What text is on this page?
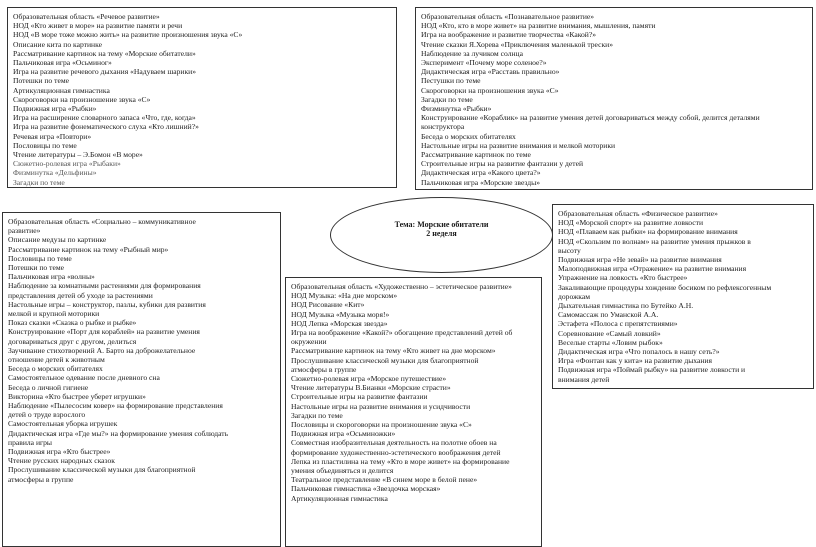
Образовательная область «Речевое развитие»
НОД «Кто живет в море» на развитие памяти и речи
НОД «В море тоже можно жить» на развитие произношения звука «С»
Описание кита по картинке
Рассматривание картинок на тему «Морские обитатели»
Пальчиковая игра «Осьминог»
Игра на развитие речевого дыхания «Надуваем шарики»
Потешки по теме
Артикуляционная гимнастика
Скороговорки на произношение звука «С»
Подвижная игра «Рыбки»
Игра на расширение словарного запаса «Что, где, когда»
Игра на развитие фонематического слуха «Кто лишний?»
Речевая игра «Повтори»
Пословицы по теме
Чтение литературы – Э.Бомон «В море»
Сюжетно-ролевая игра «Рыбаки»
Физминутка «Дельфины»
Загадки по теме
Образовательная область «Познавательное развитие»
НОД «Кто, кто в море живет» на развитие внимания, мышления, памяти
Игра на воображение и развитие творчества «Какой?»
Чтение сказки Я.Хорева «Приключения маленькой трески»
Наблюдение за лучиком солнца
Эксперимент «Почему море соленое?»
Дидактическая игра «Расставь правильно»
Пестушки по теме
Скороговорки на произношения звука «С»
Загадки по теме
Физминутка «Рыбки»
Конструирование «Кораблик» на развитие умения детей договариваться между собой, делится деталями
конструктора
Беседа о морских обитателях
Настольные игры на развитие внимания и мелкой моторики
Рассматривание картинок по теме
Строительные игры на развитие фантазии у детей
Дидактическая игра «Какого цвета?»
Пальчиковая игра «Морские звезды»
Образовательная область «Социально – коммуникативное
развитие»
Описание медузы по картинке
Рассматривание картинок на тему «Рыбный мир»
Пословицы по теме
Потешки по теме
Пальчиковая игра «волны»
Наблюдение за комнатными растениями для формирования
представления детей об уходе за растениями
Настольные игры – конструктор, пазлы, кубики для развития
мелкой и крупной моторики
Показ сказки «Сказка о рыбке и рыбке»
Конструирование «Порт для кораблей» на развитие умения
договариваться друг с другом, делиться
Заучивание стихотворений А. Барто на доброжелательное
отношение детей к животным
Беседа о морских обитателях
Самостоятельное одевание после дневного сна
Беседа о личной гигиене
Викторина «Кто быстрее уберет игрушки»
Наблюдение «Пылесосим ковер» на формирование представления
детей о труде взрослого
Самостоятельная уборка игрушек
Дидактическая игра «Где мы?» на формирование умения соблюдать
правила игры
Подвижная игра «Кто быстрее»
Чтение русских народных сказок
Прослушивание классической музыки для благоприятной
атмосферы в группе
Тема: Морские обитатели
2 неделя
Образовательная область «Художественно – эстетическое развитие»
НОД Музыка: «На дне морском»
НОД Рисование «Кит»
НОД Музыка «Музыка моря!»
НОД Лепка «Морская звезда»
Игра на воображение «Какой?» обогащение представлений детей об
окружении
Рассматривание картинок на тему «Кто живет на дне морском»
Прослушивание классической музыки для благоприятной
атмосферы в группе
Сюжетно-ролевая игра «Морское путешествие»
Чтение литературы В.Бианки «Морские страсти»
Строительные игры на развитие фантазии
Настольные игры на развитие внимания и усидчивости
Загадки по теме
Пословицы и скороговорки на произношение звука «С»
Подвижная игра «Осьминожки»
Совместная изобразительная деятельность на полотне обоев на
формирование художественно-эстетического воображения детей
Лепка из пластилина на тему «Кто в море живет» на формирование
умения объединяться и делится
Театральное представление «В синем море в белой пене»
Пальчиковая гимнастика «Звездочка морская»
Артикуляционная гимнастика
Образовательная область «Физическое развитие»
НОД «Морской спорт» на развитие ловкости
НОД «Плаваем как рыбки» на формирование внимания
НОД «Скользим по волнам» на развитие умения прыжков в
высоту
Подвижная игра «Не зевай» на развитие внимания
Малоподвижная игра «Отражение» на развитие внимания
Упражнение на ловкость «Кто быстрее»
Закаливающие процедуры хождение босиком по рефлексогенным
дорожкам
Дыхательная гимнастика по Бутейко А.Н.
Самомассаж по Уманской А.А.
Эстафета «Полоса с препятствиями»
Соревнование «Самый ловкий»
Веселые старты «Ловим рыбок»
Дидактическая игра «Что попалось в нашу сеть?»
Игра «Фонтан как у кита» на развитие дыхания
Подвижная игра «Поймай рыбку» на развитие ловкости и
внимания детей
